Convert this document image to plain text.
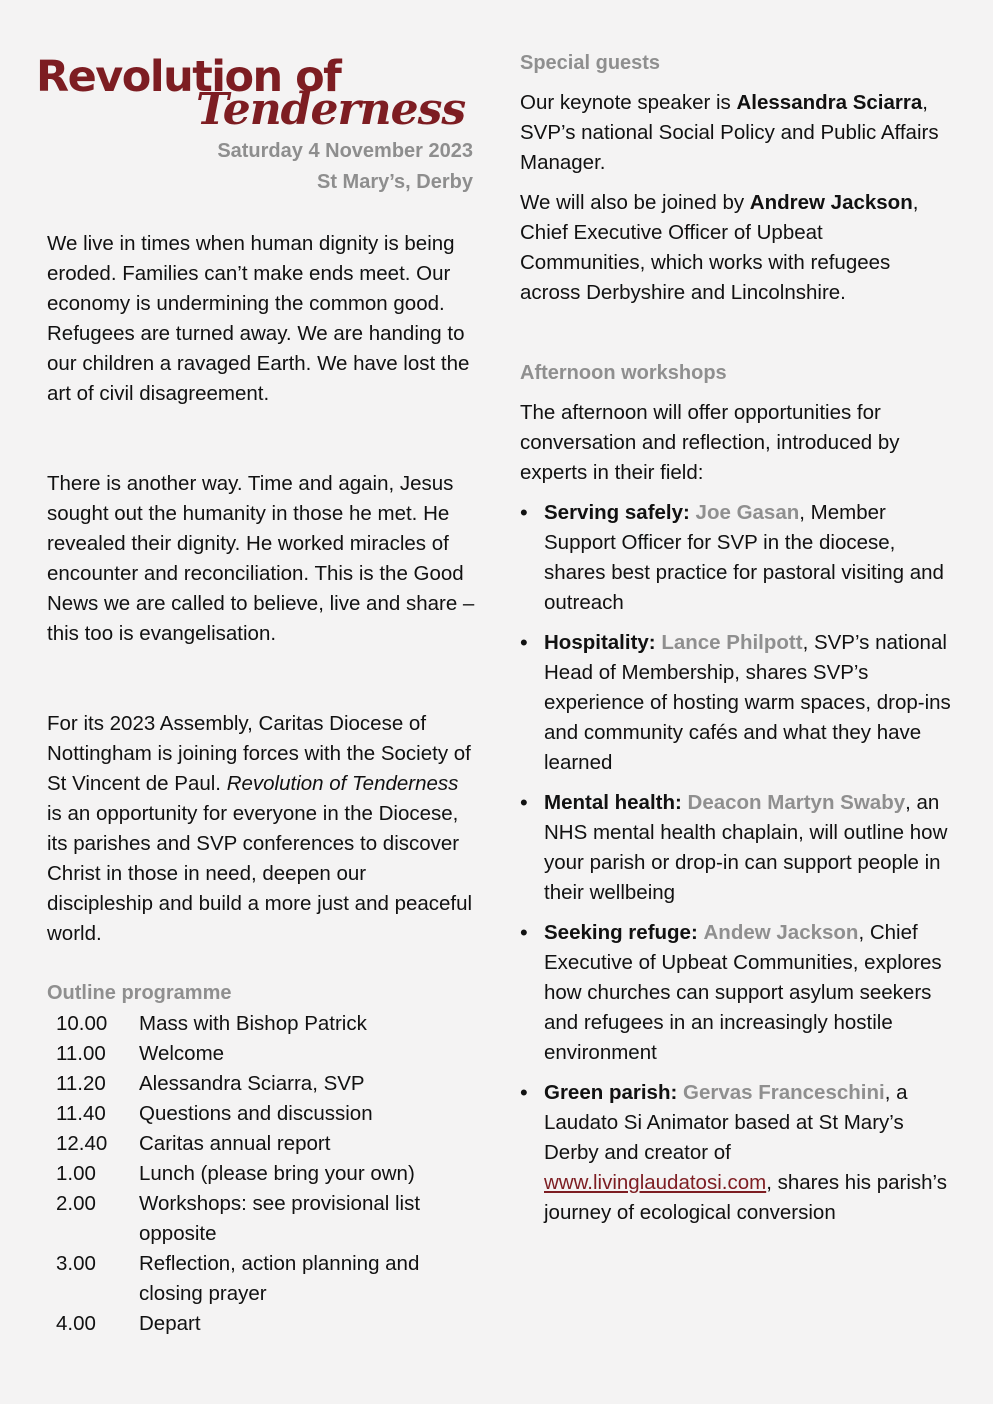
Revolution of
Tenderness
Saturday 4 November 2023
St Mary’s, Derby

We live in times when human dignity is being eroded. Families can’t make ends meet. Our economy is undermining the common good. Refugees are turned away. We are handing to our children a ravaged Earth. We have lost the art of civil disagreement.

There is another way. Time and again, Jesus sought out the humanity in those he met. He revealed their dignity. He worked miracles of encounter and reconciliation. This is the Good News we are called to believe, live and share – this too is evangelisation.

For its 2023 Assembly, Caritas Diocese of Nottingham is joining forces with the Society of St Vincent de Paul. Revolution of Tenderness is an opportunity for everyone in the Diocese, its parishes and SVP conferences to discover Christ in those in need, deepen our discipleship and build a more just and peaceful world.

Outline programme
10.00 Mass with Bishop Patrick
11.00 Welcome
11.20 Alessandra Sciarra, SVP
11.40 Questions and discussion
12.40 Caritas annual report
1.00 Lunch (please bring your own)
2.00 Workshops: see provisional list opposite
3.00 Reflection, action planning and closing prayer
4.00 Depart
Special guests

Our keynote speaker is Alessandra Sciarra, SVP’s national Social Policy and Public Affairs Manager.

We will also be joined by Andrew Jackson, Chief Executive Officer of Upbeat Communities, which works with refugees across Derbyshire and Lincolnshire.

Afternoon workshops

The afternoon will offer opportunities for conversation and reflection, introduced by experts in their field:

• Serving safely: Joe Gasan, Member Support Officer for SVP in the diocese, shares best practice for pastoral visiting and outreach
• Hospitality: Lance Philpott, SVP’s national Head of Membership, shares SVP’s experience of hosting warm spaces, drop-ins and community cafés and what they have learned
• Mental health: Deacon Martyn Swaby, an NHS mental health chaplain, will outline how your parish or drop-in can support people in their wellbeing
• Seeking refuge: Andew Jackson, Chief Executive of Upbeat Communities, explores how churches can support asylum seekers and refugees in an increasingly hostile environment
• Green parish: Gervas Franceschini, a Laudato Si Animator based at St Mary’s Derby and creator of www.livinglaudatosi.com, shares his parish’s journey of ecological conversion
